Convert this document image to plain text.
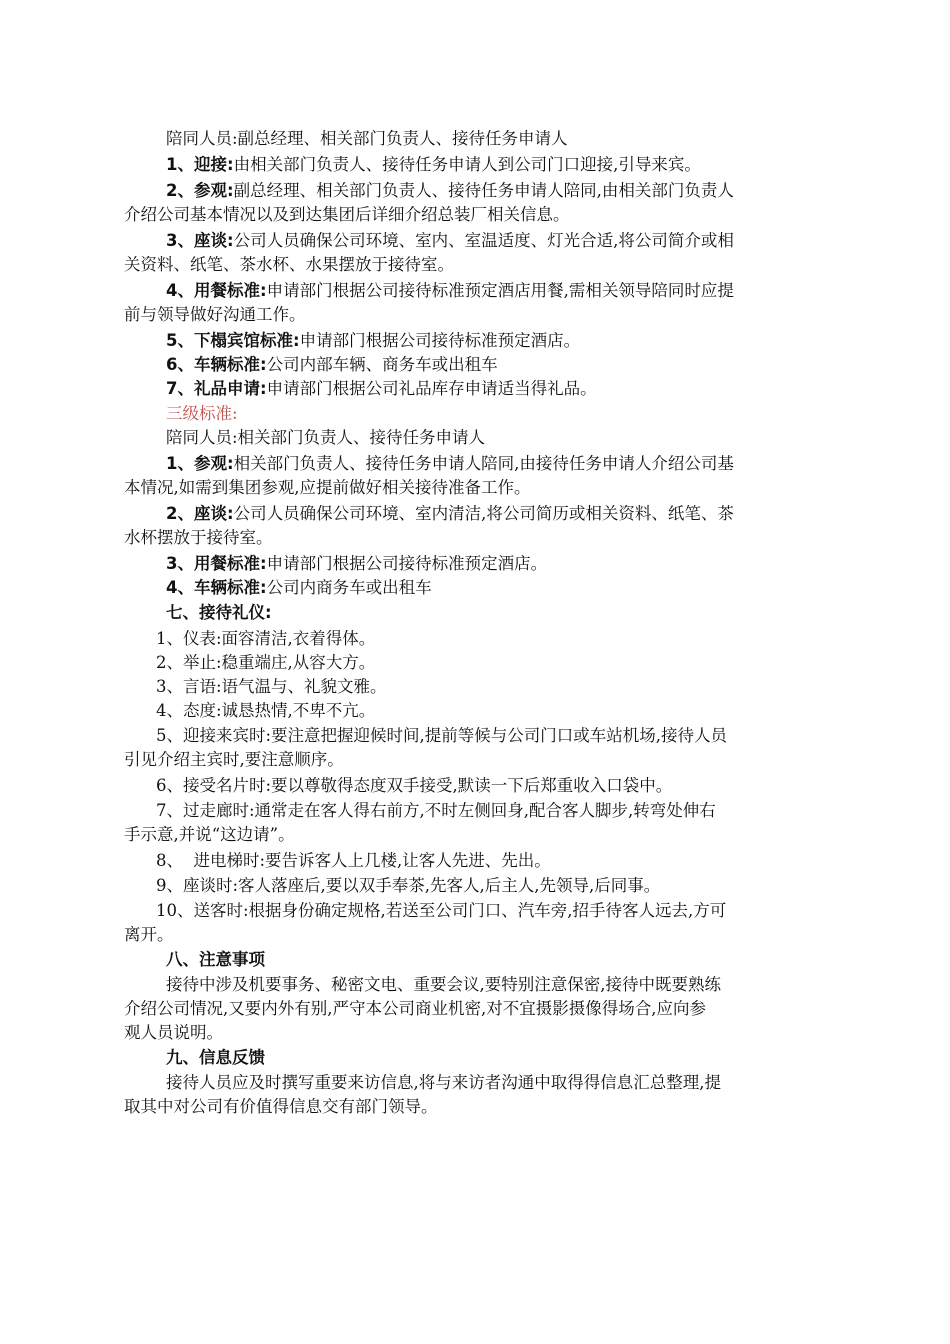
陪同人员:副总经理、相关部门负责人、接待任务申请人
1、迎接:由相关部门负责人、接待任务申请人到公司门口迎接,引导来宾。
2、参观:副总经理、相关部门负责人、接待任务申请人陪同,由相关部门负责人
介绍公司基本情况以及到达集团后详细介绍总装厂相关信息。
3、座谈:公司人员确保公司环境、室内、室温适度、灯光合适,将公司简介或相
关资料、纸笔、茶水杯、水果摆放于接待室。
4、用餐标准:申请部门根据公司接待标准预定酒店用餐,需相关领导陪同时应提
前与领导做好沟通工作。
5、下榻宾馆标准:申请部门根据公司接待标准预定酒店。
6、车辆标准:公司内部车辆、商务车或出租车
7、礼品申请:申请部门根据公司礼品库存申请适当得礼品。
三级标准:
陪同人员:相关部门负责人、接待任务申请人
1、参观:相关部门负责人、接待任务申请人陪同,由接待任务申请人介绍公司基
本情况,如需到集团参观,应提前做好相关接待准备工作。
2、座谈:公司人员确保公司环境、室内清洁,将公司简历或相关资料、纸笔、茶
水杯摆放于接待室。
3、用餐标准:申请部门根据公司接待标准预定酒店。
4、车辆标准:公司内商务车或出租车
七、接待礼仪:
1、仪表:面容清洁,衣着得体。
2、举止:稳重端庄,从容大方。
3、言语:语气温与、礼貌文雅。
4、态度:诚恳热情,不卑不亢。
5、迎接来宾时:要注意把握迎候时间,提前等候与公司门口或车站机场,接待人员
引见介绍主宾时,要注意顺序。
6、接受名片时:要以尊敬得态度双手接受,默读一下后郑重收入口袋中。
7、过走廊时:通常走在客人得右前方,不时左侧回身,配合客人脚步,转弯处伸右
手示意,并说“这边请”。
8、  进电梯时:要告诉客人上几楼,让客人先进、先出。
9、座谈时:客人落座后,要以双手奉茶,先客人,后主人,先领导,后同事。
10、送客时:根据身份确定规格,若送至公司门口、汽车旁,招手待客人远去,方可
离开。
八、注意事项
接待中涉及机要事务、秘密文电、重要会议,要特别注意保密,接待中既要熟练
介绍公司情况,又要内外有别,严守本公司商业机密,对不宜摄影摄像得场合,应向参
观人员说明。
九、信息反馈
接待人员应及时撰写重要来访信息,将与来访者沟通中取得得信息汇总整理,提
取其中对公司有价值得信息交有部门领导。
